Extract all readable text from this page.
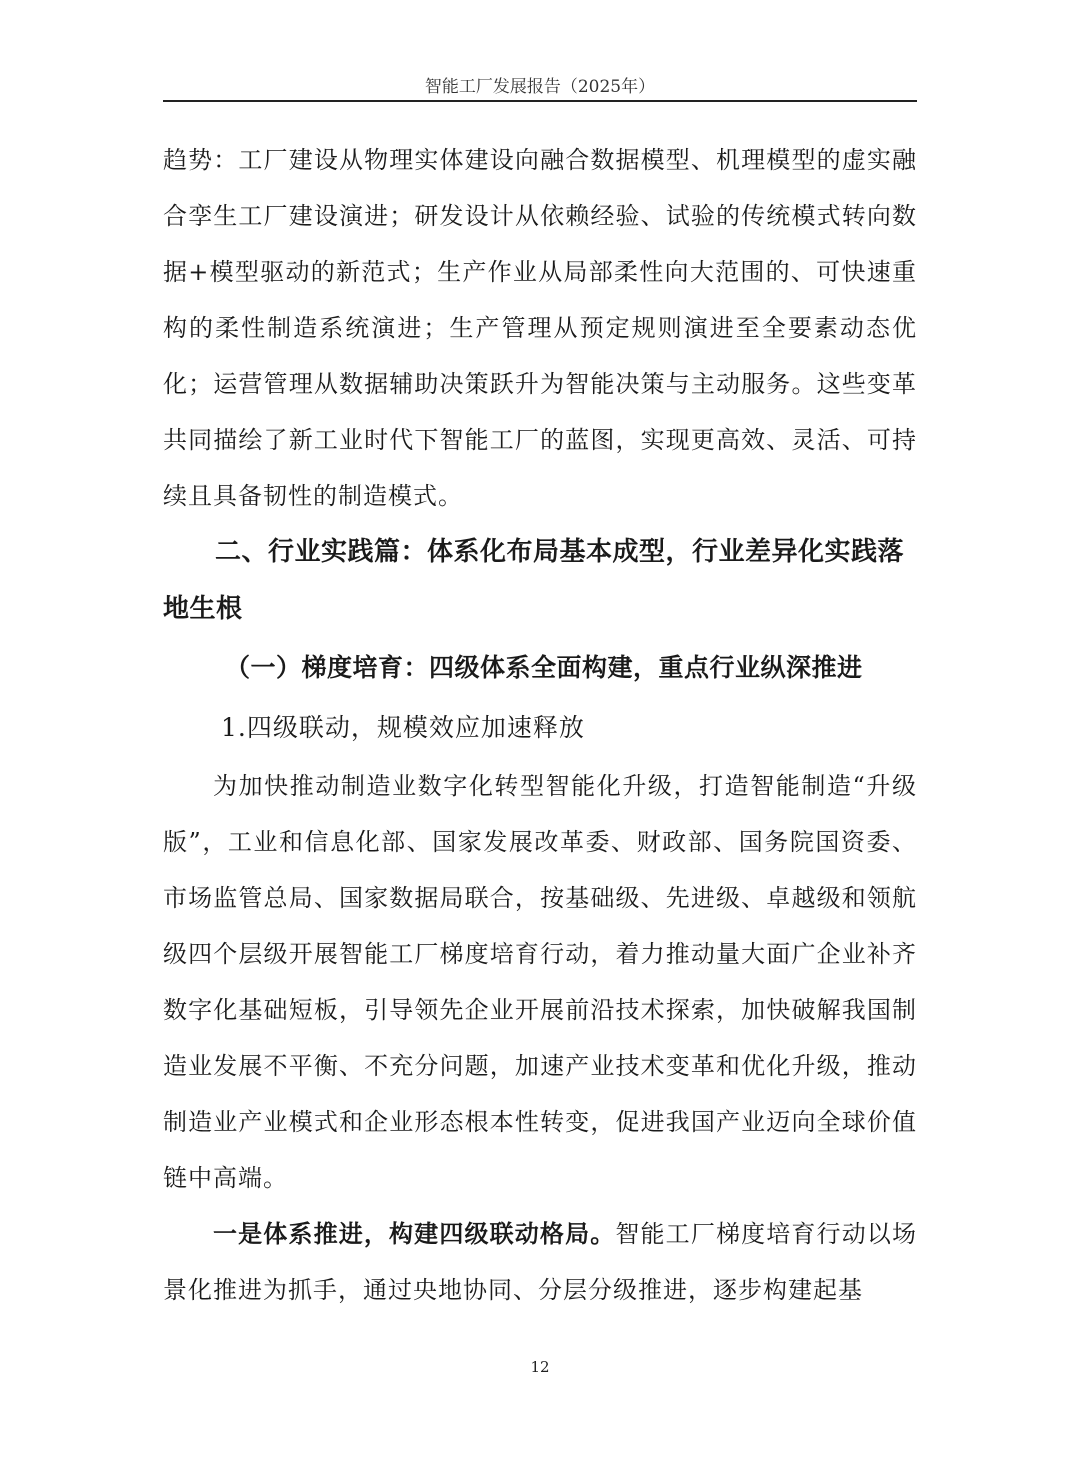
智能工厂发展报告（2025年）

趋势：工厂建设从物理实体建设向融合数据模型、机理模型的虚实融合孪生工厂建设演进；研发设计从依赖经验、试验的传统模式转向数据+模型驱动的新范式；生产作业从局部柔性向大范围的、可快速重构的柔性制造系统演进；生产管理从预定规则演进至全要素动态优化；运营管理从数据辅助决策跃升为智能决策与主动服务。这些变革共同描绘了新工业时代下智能工厂的蓝图，实现更高效、灵活、可持续且具备韧性的制造模式。

二、行业实践篇：体系化布局基本成型，行业差异化实践落地生根

（一）梯度培育：四级体系全面构建，重点行业纵深推进

1.四级联动，规模效应加速释放

为加快推动制造业数字化转型智能化升级，打造智能制造“升级版”，工业和信息化部、国家发展改革委、财政部、国务院国资委、市场监管总局、国家数据局联合，按基础级、先进级、卓越级和领航级四个层级开展智能工厂梯度培育行动，着力推动量大面广企业补齐数字化基础短板，引导领先企业开展前沿技术探索，加快破解我国制造业发展不平衡、不充分问题，加速产业技术变革和优化升级，推动制造业产业模式和企业形态根本性转变，促进我国产业迈向全球价值链中高端。

一是体系推进，构建四级联动格局。智能工厂梯度培育行动以场景化推进为抓手，通过央地协同、分层分级推进，逐步构建起基

12
